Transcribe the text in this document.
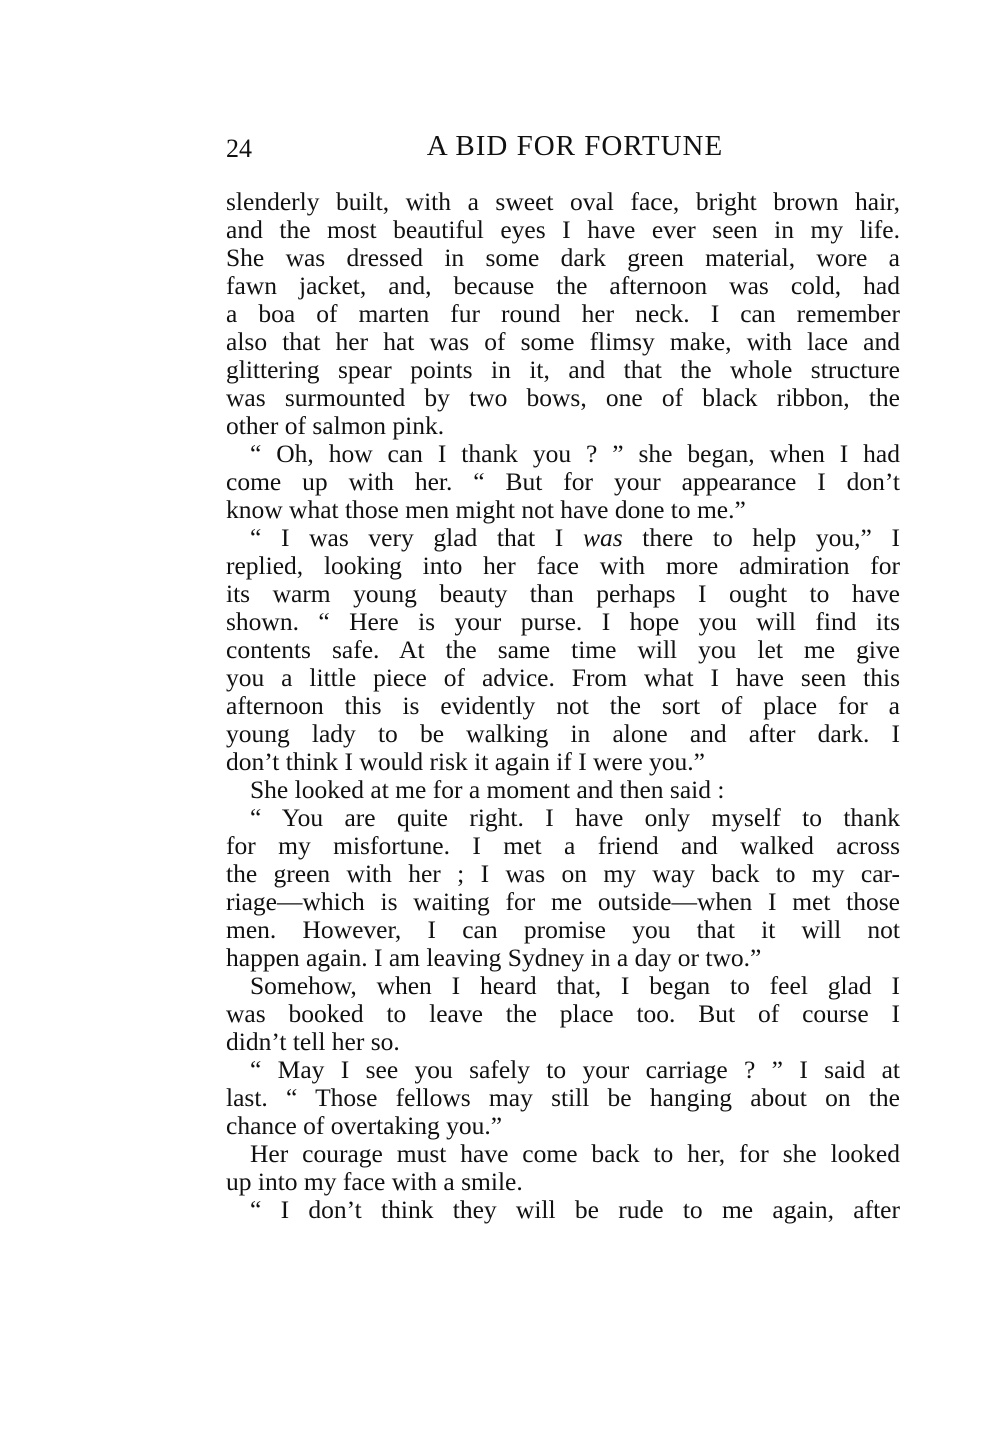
24	A BID FOR FORTUNE
slenderly built, with a sweet oval face, bright brown hair,
and the most beautiful eyes I have ever seen in my life.
She was dressed in some dark green material, wore a
fawn jacket, and, because the afternoon was cold, had
a boa of marten fur round her neck. I can remember
also that her hat was of some flimsy make, with lace and
glittering spear points in it, and that the whole structure
was surmounted by two bows, one of black ribbon, the
other of salmon pink.
“ Oh, how can I thank you ? ” she began, when I had
come up with her. “ But for your appearance I don’t
know what those men might not have done to me.”
“ I was very glad that I was there to help you,” I
replied, looking into her face with more admiration for
its warm young beauty than perhaps I ought to have
shown. “ Here is your purse. I hope you will find its
contents safe. At the same time will you let me give
you a little piece of advice. From what I have seen this
afternoon this is evidently not the sort of place for a
young lady to be walking in alone and after dark. I
don’t think I would risk it again if I were you.”
She looked at me for a moment and then said :
“ You are quite right. I have only myself to thank
for my misfortune. I met a friend and walked across
the green with her ; I was on my way back to my car-
riage—which is waiting for me outside—when I met those
men. However, I can promise you that it will not
happen again. I am leaving Sydney in a day or two.”
Somehow, when I heard that, I began to feel glad I
was booked to leave the place too. But of course I
didn’t tell her so.
“ May I see you safely to your carriage ? ” I said at
last. “ Those fellows may still be hanging about on the
chance of overtaking you.”
Her courage must have come back to her, for she looked
up into my face with a smile.
“ I don’t think they will be rude to me again, after
